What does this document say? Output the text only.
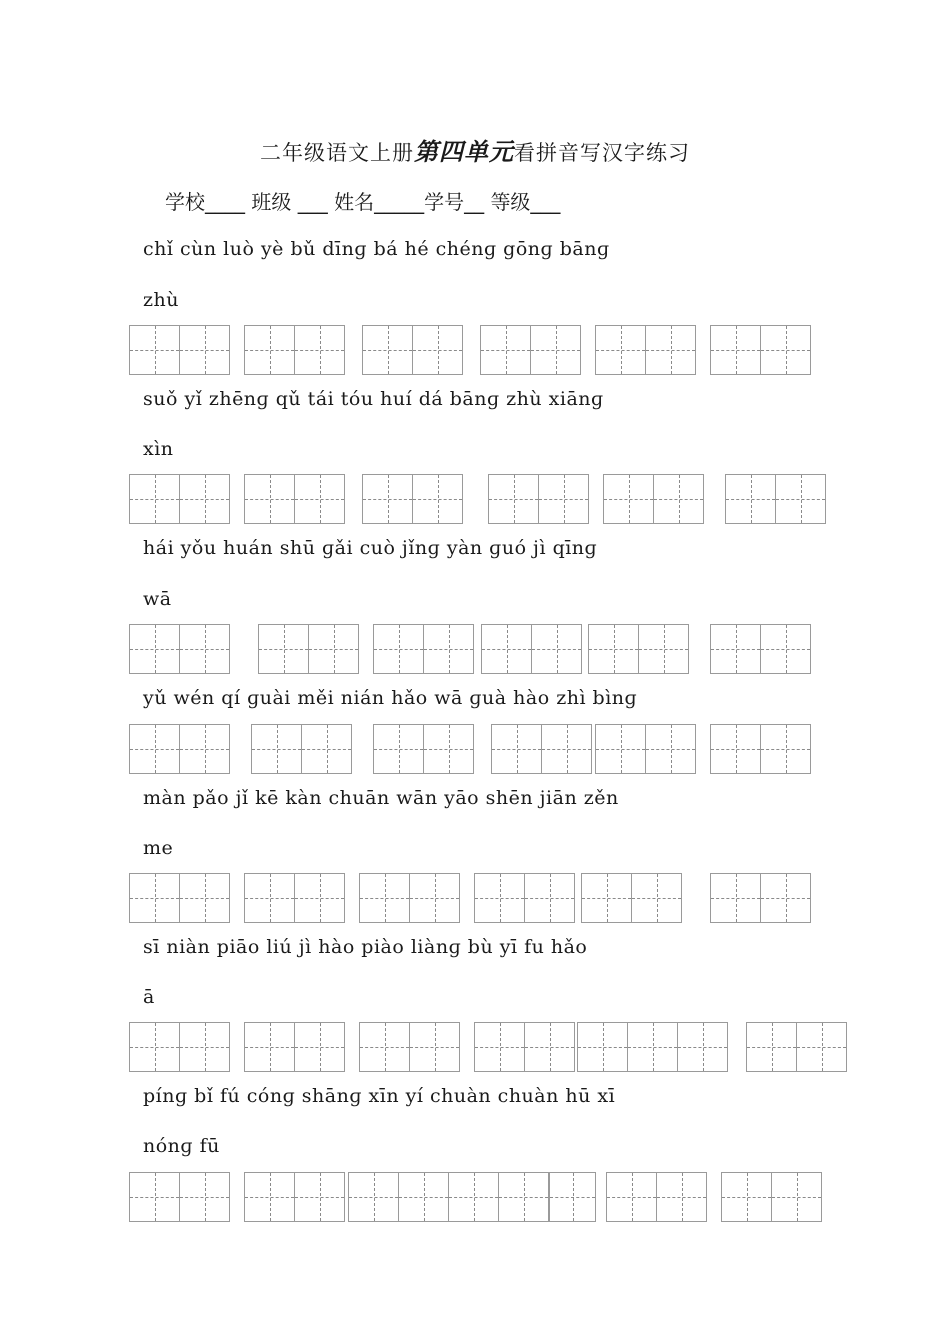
二年级语文上册第四单元看拼音写汉字练习
学校____ 班级 ___ 姓名_____学号__ 等级___
chǐ cùn luò yè bǔ dīnɡ bá hé chénɡ gōnɡ bānɡ
zhù
suǒ yǐ zhēnɡ qǔ tái tóu huí dá bānɡ zhù xiānɡ
xìn
hái yǒu huán shū ɡǎi cuò jǐnɡ yàn ɡuó jì qīnɡ
wā
yǔ wén qí ɡuài měi nián hǎo wā ɡuà hào zhì bìnɡ
màn pǎo jǐ kē kàn chuān wān yāo shēn jiān zěn
me
sī niàn piāo liú jì hào piào liànɡ bù yī fu hǎo
ā
pínɡ bǐ fú cónɡ shānɡ xīn yí chuàn chuàn hū xī
nónɡ fū
